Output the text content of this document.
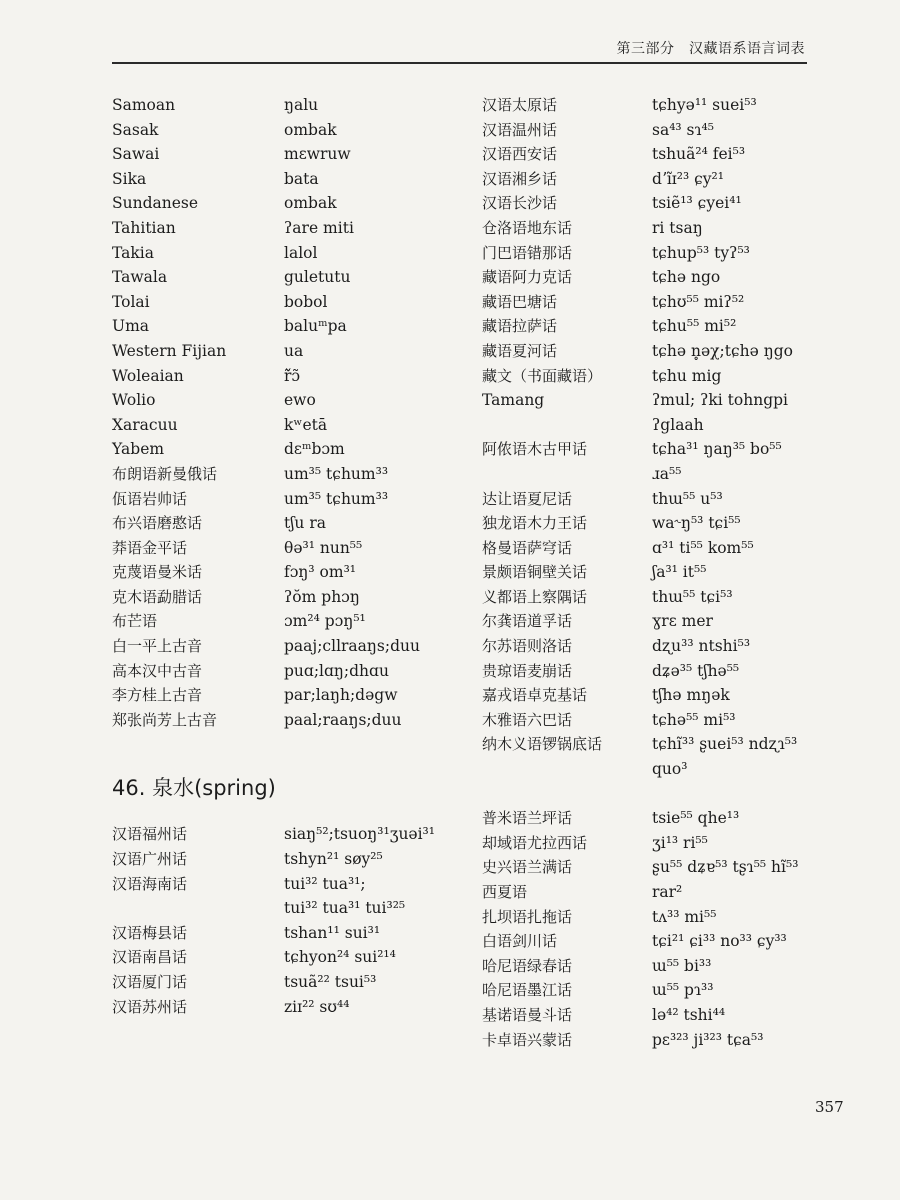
第三部分　汉藏语系语言词表
Samoan	ŋalu
Sasak	ombak
Sawai	mɛwruw
Sika	bata
Sundanese	ombak
Tahitian	ʔare miti
Takia	lalol
Tawala	guletutu
Tolai	bobol
Uma	baluᵐpa
Western Fijian	ua
Woleaian	ř̃ɔ̃
Wolio	ewo
Xaracuu	kʷetā
Yabem	dɛᵐbɔm
布朗语新曼俄话	um³⁵ tɕhum³³
佤语岩帅话	um³⁵ tɕhum³³
布兴语磨憨话	tʃu ra
莽语金平话	θə³¹ nun⁵⁵
克蔑语曼米话	fɔŋ³ om³¹
克木语勐腊话	ʔŏm phɔŋ
布芒语	ɔm²⁴ pɔŋ⁵¹
白一平上古音	paaj;cllraaŋs;duu
高本汉中古音	puɑ;lɑŋ;dhɑu
李方桂上古音	par;laŋh;dəgw
郑张尚芳上古音	paal;raaŋs;duu
46. 泉水(spring)
汉语福州话	siaŋ⁵²;tsuoŋ³¹ʒuəi³¹
汉语广州话	tshyn²¹ søy²⁵
汉语海南话	tui³² tua³¹;
tui³² tua³¹ tui³²⁵
汉语梅县话	tshan¹¹ sui³¹
汉语南昌话	tɕhyon²⁴ sui²¹⁴
汉语厦门话	tsuã²² tsui⁵³
汉语苏州话	ziɪ²² sʊ⁴⁴
汉语太原话	tɕhyə¹¹ suei⁵³
汉语温州话	sa⁴³ sɿ⁴⁵
汉语西安话	tshuã²⁴ fei⁵³
汉语湘乡话	dʼĩɪ²³ ɕy²¹
汉语长沙话	tsiẽ¹³ ɕyei⁴¹
仓洛语地东话	ri tsaŋ
门巴语错那话	tɕhup⁵³ tyʔ⁵³
藏语阿力克话	tɕhə ngo
藏语巴塘话	tɕhʊ⁵⁵ miʔ⁵²
藏语拉萨话	tɕhu⁵⁵ mi⁵²
藏语夏河话	tɕhə n̥əχ;tɕhə ŋgo
藏文（书面藏语）	tɕhu mig
Tamang	ʔmul; ʔki tohngpi
ʔglaah
阿侬语木古甲话	tɕha³¹ ŋaŋ³⁵ bo⁵⁵
ɹa⁵⁵
达让语夏尼话	thɯ⁵⁵ u⁵³
独龙语木力王话	wa˞ŋ⁵³ tɕi⁵⁵
格曼语萨穹话	ɑ³¹ ti⁵⁵ kom⁵⁵
景颇语铜壁关话	ʃa³¹ it⁵⁵
义都语上察隅话	thɯ⁵⁵ tɕi⁵³
尔龚语道孚话	ɣrɛ mer
尔苏语则洛话	dʐu³³ ntshi⁵³
贵琼语麦崩话	dʑə³⁵ tʃhə⁵⁵
嘉戎语卓克基话	tʃhə mŋək
木雅语六巴话	tɕhə⁵⁵ mi⁵³
纳木义语锣锅底话	tɕhĩ³³ ʂuei⁵³ ndʐɿ⁵³
quo³
普米语兰坪话	tsie⁵⁵ qhe¹³
却域语尤拉西话	ʒi¹³ ri⁵⁵
史兴语兰满话	ʂu⁵⁵ dʑɐ⁵³ tʂɿ⁵⁵ hĩ⁵³
西夏语	rar²
扎坝语扎拖话	tʌ³³ mi⁵⁵
白语剑川话	tɕi²¹ ɕi³³ no³³ ɕy³³
哈尼语绿春话	ɯ⁵⁵ bi³³
哈尼语墨江话	ɯ⁵⁵ pɿ³³
基诺语曼斗话	lə⁴² tshi⁴⁴
卡卓语兴蒙话	pɛ³²³ ji³²³ tɕa⁵³
357
